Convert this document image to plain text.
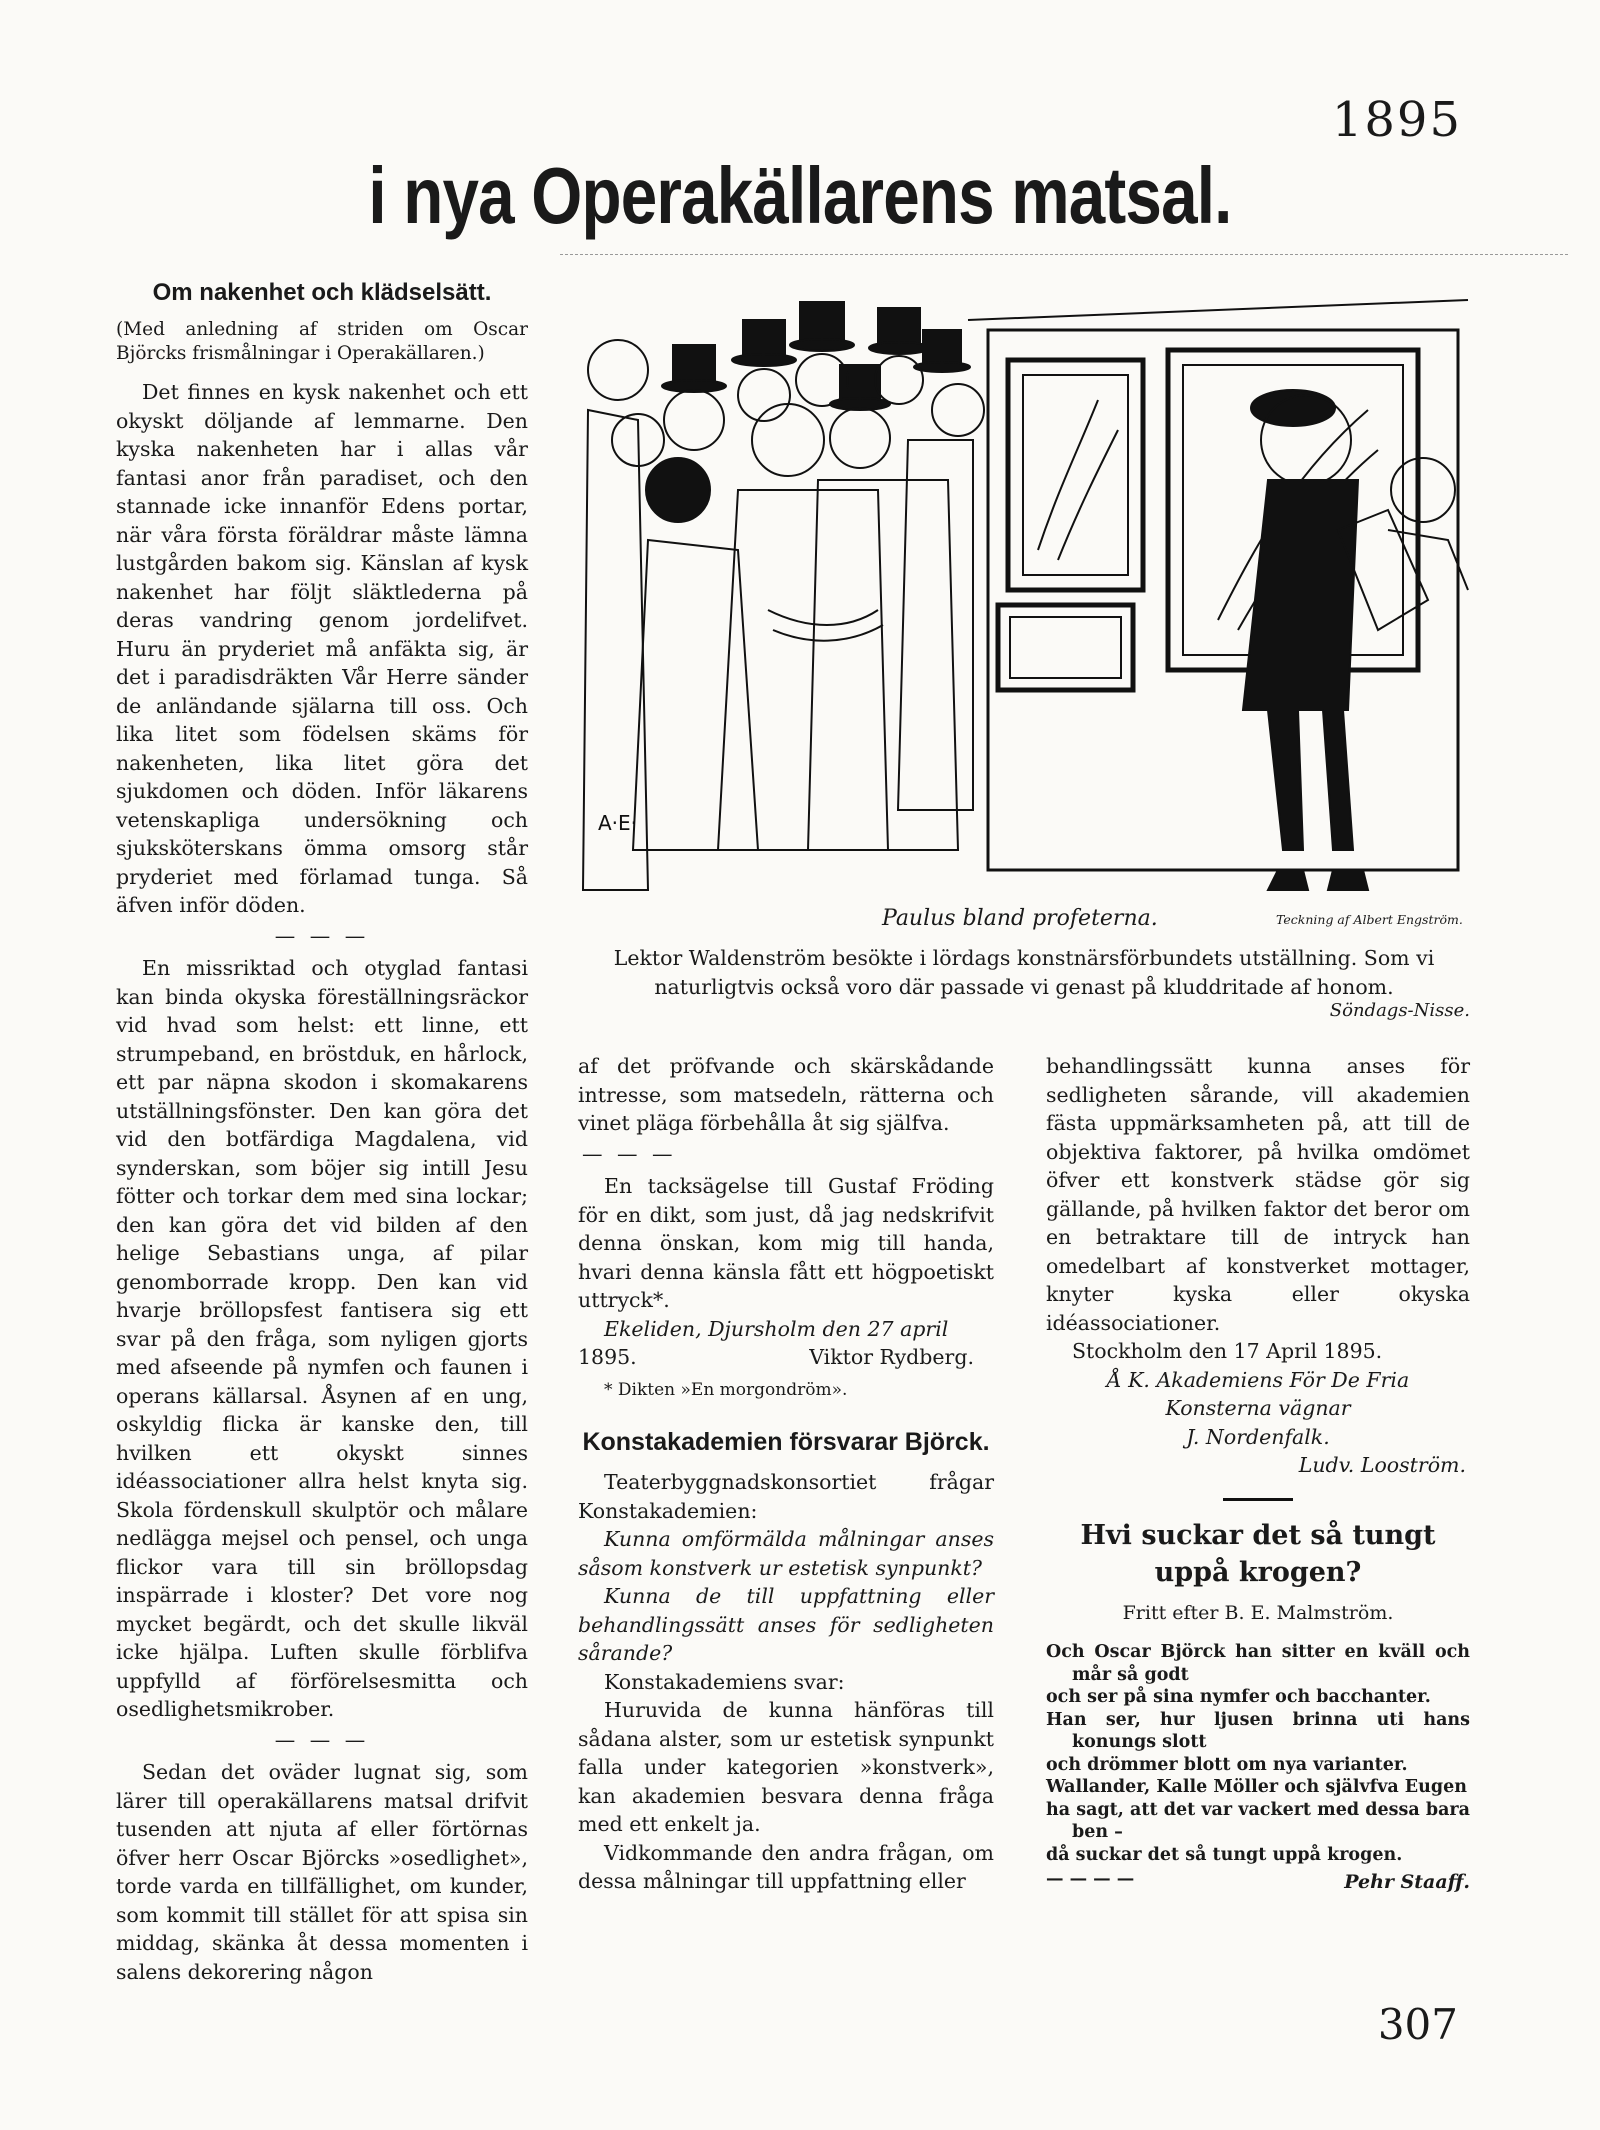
1895
i nya Operakällarens matsal.
Om nakenhet och klädselsätt.

(Med anledning af striden om Oscar Björcks frismålningar i Operakällaren.)

Det finnes en kysk nakenhet och ett okyskt döljande af lemmarne. Den kyska nakenheten har i allas vår fantasi anor från paradiset, och den stannade icke innanför Edens portar, när våra första föräldrar måste lämna lustgården bakom sig. Känslan af kysk nakenhet har följt släktlederna på deras vandring genom jordelifvet. Huru än pryderiet må anfäkta sig, är det i paradisdräkten Vår Herre sänder de anländande själarna till oss. Och lika litet som födelsen skäms för nakenheten, lika litet göra det sjukdomen och döden. Inför läkarens vetenskapliga undersökning och sjuksköterskans ömma omsorg står pryderiet med förlamad tunga. Så äfven inför döden.

— — —

En missriktad och otyglad fantasi kan binda okyska föreställningsräckor vid hvad som helst: ett linne, ett strumpeband, en bröstduk, en hårlock, ett par näpna skodon i skomakarens utställningsfönster. Den kan göra det vid den botfärdiga Magdalena, vid synderskan, som böjer sig intill Jesu fötter och torkar dem med sina lockar; den kan göra det vid bilden af den helige Sebastians unga, af pilar genomborrade kropp. Den kan vid hvarje bröllopsfest fantisera sig ett svar på den fråga, som nyligen gjorts med afseende på nymfen och faunen i operans källarsal. Åsynen af en ung, oskyldig flicka är kanske den, till hvilken ett okyskt sinnes idéassociationer allra helst knyta sig. Skola fördenskull skulptör och målare nedlägga mejsel och pensel, och unga flickor vara till sin bröllopsdag inspärrade i kloster? Det vore nog mycket begärdt, och det skulle likväl icke hjälpa. Luften skulle förblifva uppfylld af förförelsesmitta och osedlighetsmikrober.

— — —

Sedan det oväder lugnat sig, som lärer till operakällarens matsal drifvit tusenden att njuta af eller förtörnas öfver herr Oscar Björcks »osedlighet», torde varda en tillfällighet, om kunder, som kommit till stället för att spisa sin middag, skänka åt dessa momenten i salens dekorering någon

A·E·
Paulus bland profeterna.	Teckning af Albert Engström.
Lektor Waldenström besökte i lördags konstnärsförbundets utställning. Som vi naturligtvis också voro där passade vi genast på kluddritade af honom.
Söndags-Nisse.

af det pröfvande och skärskådande intresse, som matsedeln, rätterna och vinet pläga förbehålla åt sig själfva.

— — —

En tacksägelse till Gustaf Fröding för en dikt, som just, då jag nedskrifvit denna önskan, kom mig till handa, hvari denna känsla fått ett högpoetiskt uttryck*.

Ekeliden, Djursholm den 27 april

1895.	Viktor Rydberg.

* Dikten »En morgondröm».

Konstakademien försvarar Björck.

Teaterbyggnadskonsortiet frågar Konstakademien:

Kunna omförmälda målningar anses såsom konstverk ur estetisk synpunkt?

Kunna de till uppfattning eller behandlingssätt anses för sedligheten sårande?

Konstakademiens svar:

Huruvida de kunna hänföras till sådana alster, som ur estetisk synpunkt falla under kategorien »konstverk», kan akademien besvara denna fråga med ett enkelt ja.

Vidkommande den andra frågan, om dessa målningar till uppfattning eller

behandlingssätt kunna anses för sedligheten sårande, vill akademien fästa uppmärksamheten på, att till de objektiva faktorer, på hvilka omdömet öfver ett konstverk städse gör sig gällande, på hvilken faktor det beror om en betraktare till de intryck han omedelbart af konstverket mottager, knyter kyska eller okyska idéassociationer.

Stockholm den 17 April 1895.

Å K. Akademiens För De Fria
Konsterna vägnar
J. Nordenfalk.
Ludv. Looström.
Hvi suckar det så tungt uppå krogen?
Fritt efter B. E. Malmström.
Och Oscar Björck han sitter en kväll och mår så godt
och ser på sina nymfer och bacchanter.
Han ser, hur ljusen brinna uti hans konungs slott
och drömmer blott om nya varianter.
Wallander, Kalle Möller och självfva Eugen
ha sagt, att det var vackert med dessa bara ben –
då suckar det så tungt uppå krogen.
— — — —	Pehr Staaff.
307
